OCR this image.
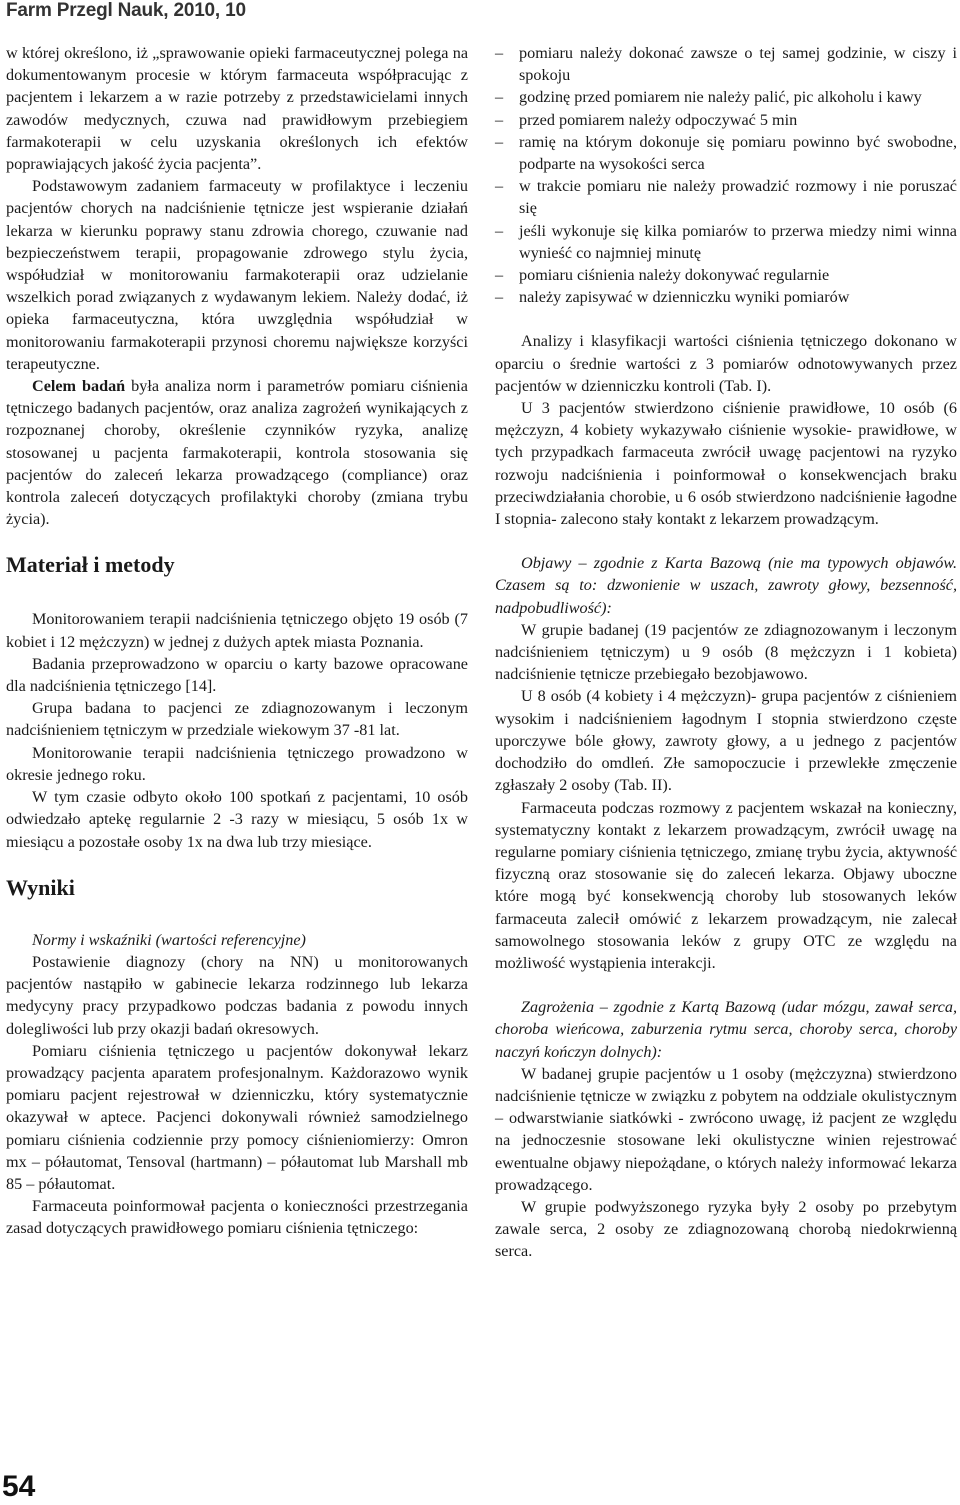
Farm Przegl Nauk, 2010, 10

w której określono, iż „sprawowanie opieki farmaceutycznej polega na dokumentowanym procesie w którym farmaceuta współpracując z pacjentem i lekarzem a w razie potrzeby z przedstawicielami innych zawodów medycznych, czuwa nad prawidłowym przebiegiem farmakoterapii w celu uzyskania określonych ich efektów poprawiających jakość życia pacjenta”.

Podstawowym zadaniem farmaceuty w profilaktyce i leczeniu pacjentów chorych na nadciśnienie tętnicze jest wspieranie działań lekarza w kierunku poprawy stanu zdrowia chorego, czuwanie nad bezpieczeństwem terapii, propagowanie zdrowego stylu życia, współudział w monitorowaniu farmakoterapii oraz udzielanie wszelkich porad związanych z wydawanym lekiem. Należy dodać, iż opieka farmaceutyczna, która uwzględnia współudział w monitorowaniu farmakoterapii przynosi choremu największe korzyści terapeutyczne.

Celem badań była analiza norm i parametrów pomiaru ciśnienia tętniczego badanych pacjentów, oraz analiza zagrożeń wynikających z rozpoznanej choroby, określenie czynników ryzyka, analizę stosowanej u pacjenta farmakoterapii, kontrola stosowania się pacjentów do zaleceń lekarza prowadzącego (compliance) oraz kontrola zaleceń dotyczących profilaktyki choroby (zmiana trybu życia).

Materiał i metody

Monitorowaniem terapii nadciśnienia tętniczego objęto 19 osób (7 kobiet i 12 mężczyzn) w jednej z dużych aptek miasta Poznania.

Badania przeprowadzono w oparciu o karty bazowe opracowane dla nadciśnienia tętniczego [14].

Grupa badana to pacjenci ze zdiagnozowanym i leczonym nadciśnieniem tętniczym w przedziale wiekowym 37 -81 lat.

Monitorowanie terapii nadciśnienia tętniczego prowadzono w okresie jednego roku.

W tym czasie odbyto około 100 spotkań z pacjentami, 10 osób odwiedzało aptekę regularnie 2 -3 razy w miesiącu, 5 osób 1x w miesiącu a pozostałe osoby 1x na dwa lub trzy miesiące.

Wyniki

Normy i wskaźniki (wartości referencyjne)

Postawienie diagnozy (chory na NN) u monitorowanych pacjentów nastąpiło w gabinecie lekarza rodzinnego lub lekarza medycyny pracy przypadkowo podczas badania z powodu innych dolegliwości lub przy okazji badań okresowych.

Pomiaru ciśnienia tętniczego u pacjentów dokonywał lekarz prowadzący pacjenta aparatem profesjonalnym. Każdorazowo wynik pomiaru pacjent rejestrował w dzienniczku, który systematycznie okazywał w aptece. Pacjenci dokonywali również samodzielnego pomiaru ciśnienia codziennie przy pomocy ciśnieniomierzy: Omron mx – półautomat, Tensoval (hartmann) – półautomat lub Marshall mb 85 – półautomat.

Farmaceuta poinformował pacjenta o konieczności przestrzegania zasad dotyczących prawidłowego pomiaru ciśnienia tętniczego:

– pomiaru należy dokonać zawsze o tej samej godzinie, w ciszy i spokoju
– godzinę przed pomiarem nie należy palić, pic alkoholu i kawy
– przed pomiarem należy odpoczywać 5 min
– ramię na którym dokonuje się pomiaru powinno być swobodne, podparte na wysokości serca
– w trakcie pomiaru nie należy prowadzić rozmowy i nie poruszać się
– jeśli wykonuje się kilka pomiarów to przerwa miedzy nimi winna wynieść co najmniej minutę
– pomiaru ciśnienia należy dokonywać regularnie
– należy zapisywać w dzienniczku wyniki pomiarów

Analizy i klasyfikacji wartości ciśnienia tętniczego dokonano w oparciu o średnie wartości z 3 pomiarów odnotowywanych przez pacjentów w dzienniczku kontroli (Tab. I).

U 3 pacjentów stwierdzono ciśnienie prawidłowe, 10 osób (6 mężczyzn, 4 kobiety wykazywało ciśnienie wysokie- prawidłowe, w tych przypadkach farmaceuta zwrócił uwagę pacjentowi na ryzyko rozwoju nadciśnienia i poinformował o konsekwencjach braku przeciwdziałania chorobie, u 6 osób stwierdzono nadciśnienie łagodne I stopnia- zalecono stały kontakt z lekarzem prowadzącym.

Objawy – zgodnie z Karta Bazową (nie ma typowych objawów. Czasem są to: dzwonienie w uszach, zawroty głowy, bezsenność, nadpobudliwość):

W grupie badanej (19 pacjentów ze zdiagnozowanym i leczonym nadciśnieniem tętniczym) u 9 osób (8 mężczyzn i 1 kobieta) nadciśnienie tętnicze przebiegało bezobjawowo.

U 8 osób (4 kobiety i 4 mężczyzn)- grupa pacjentów z ciśnieniem wysokim i nadciśnieniem łagodnym I stopnia stwierdzono częste uporczywe bóle głowy, zawroty głowy, a u jednego z pacjentów dochodziło do omdleń. Złe samopoczucie i przewlekłe zmęczenie zgłaszały 2 osoby (Tab. II).

Farmaceuta podczas rozmowy z pacjentem wskazał na konieczny, systematyczny kontakt z lekarzem prowadzącym, zwrócił uwagę na regularne pomiary ciśnienia tętniczego, zmianę trybu życia, aktywność fizyczną oraz stosowanie się do zaleceń lekarza. Objawy uboczne które mogą być konsekwencją choroby lub stosowanych leków farmaceuta zalecił omówić z lekarzem prowadzącym, nie zalecał samowolnego stosowania leków z grupy OTC ze względu na możliwość wystąpienia interakcji.

Zagrożenia – zgodnie z Kartą Bazową (udar mózgu, zawał serca, choroba wieńcowa, zaburzenia rytmu serca, choroby serca, choroby naczyń kończyn dolnych):

W badanej grupie pacjentów u 1 osoby (mężczyzna) stwierdzono nadciśnienie tętnicze w związku z pobytem na oddziale okulistycznym – odwarstwianie siatkówki - zwrócono uwagę, iż pacjent ze względu na jednoczesnie stosowane leki okulistyczne winien rejestrować ewentualne objawy niepożądane, o których należy informować lekarza prowadzącego.

W grupie podwyższonego ryzyka były 2 osoby po przebytym zawale serca, 2 osoby ze zdiagnozowaną chorobą niedokrwienną serca.

54
